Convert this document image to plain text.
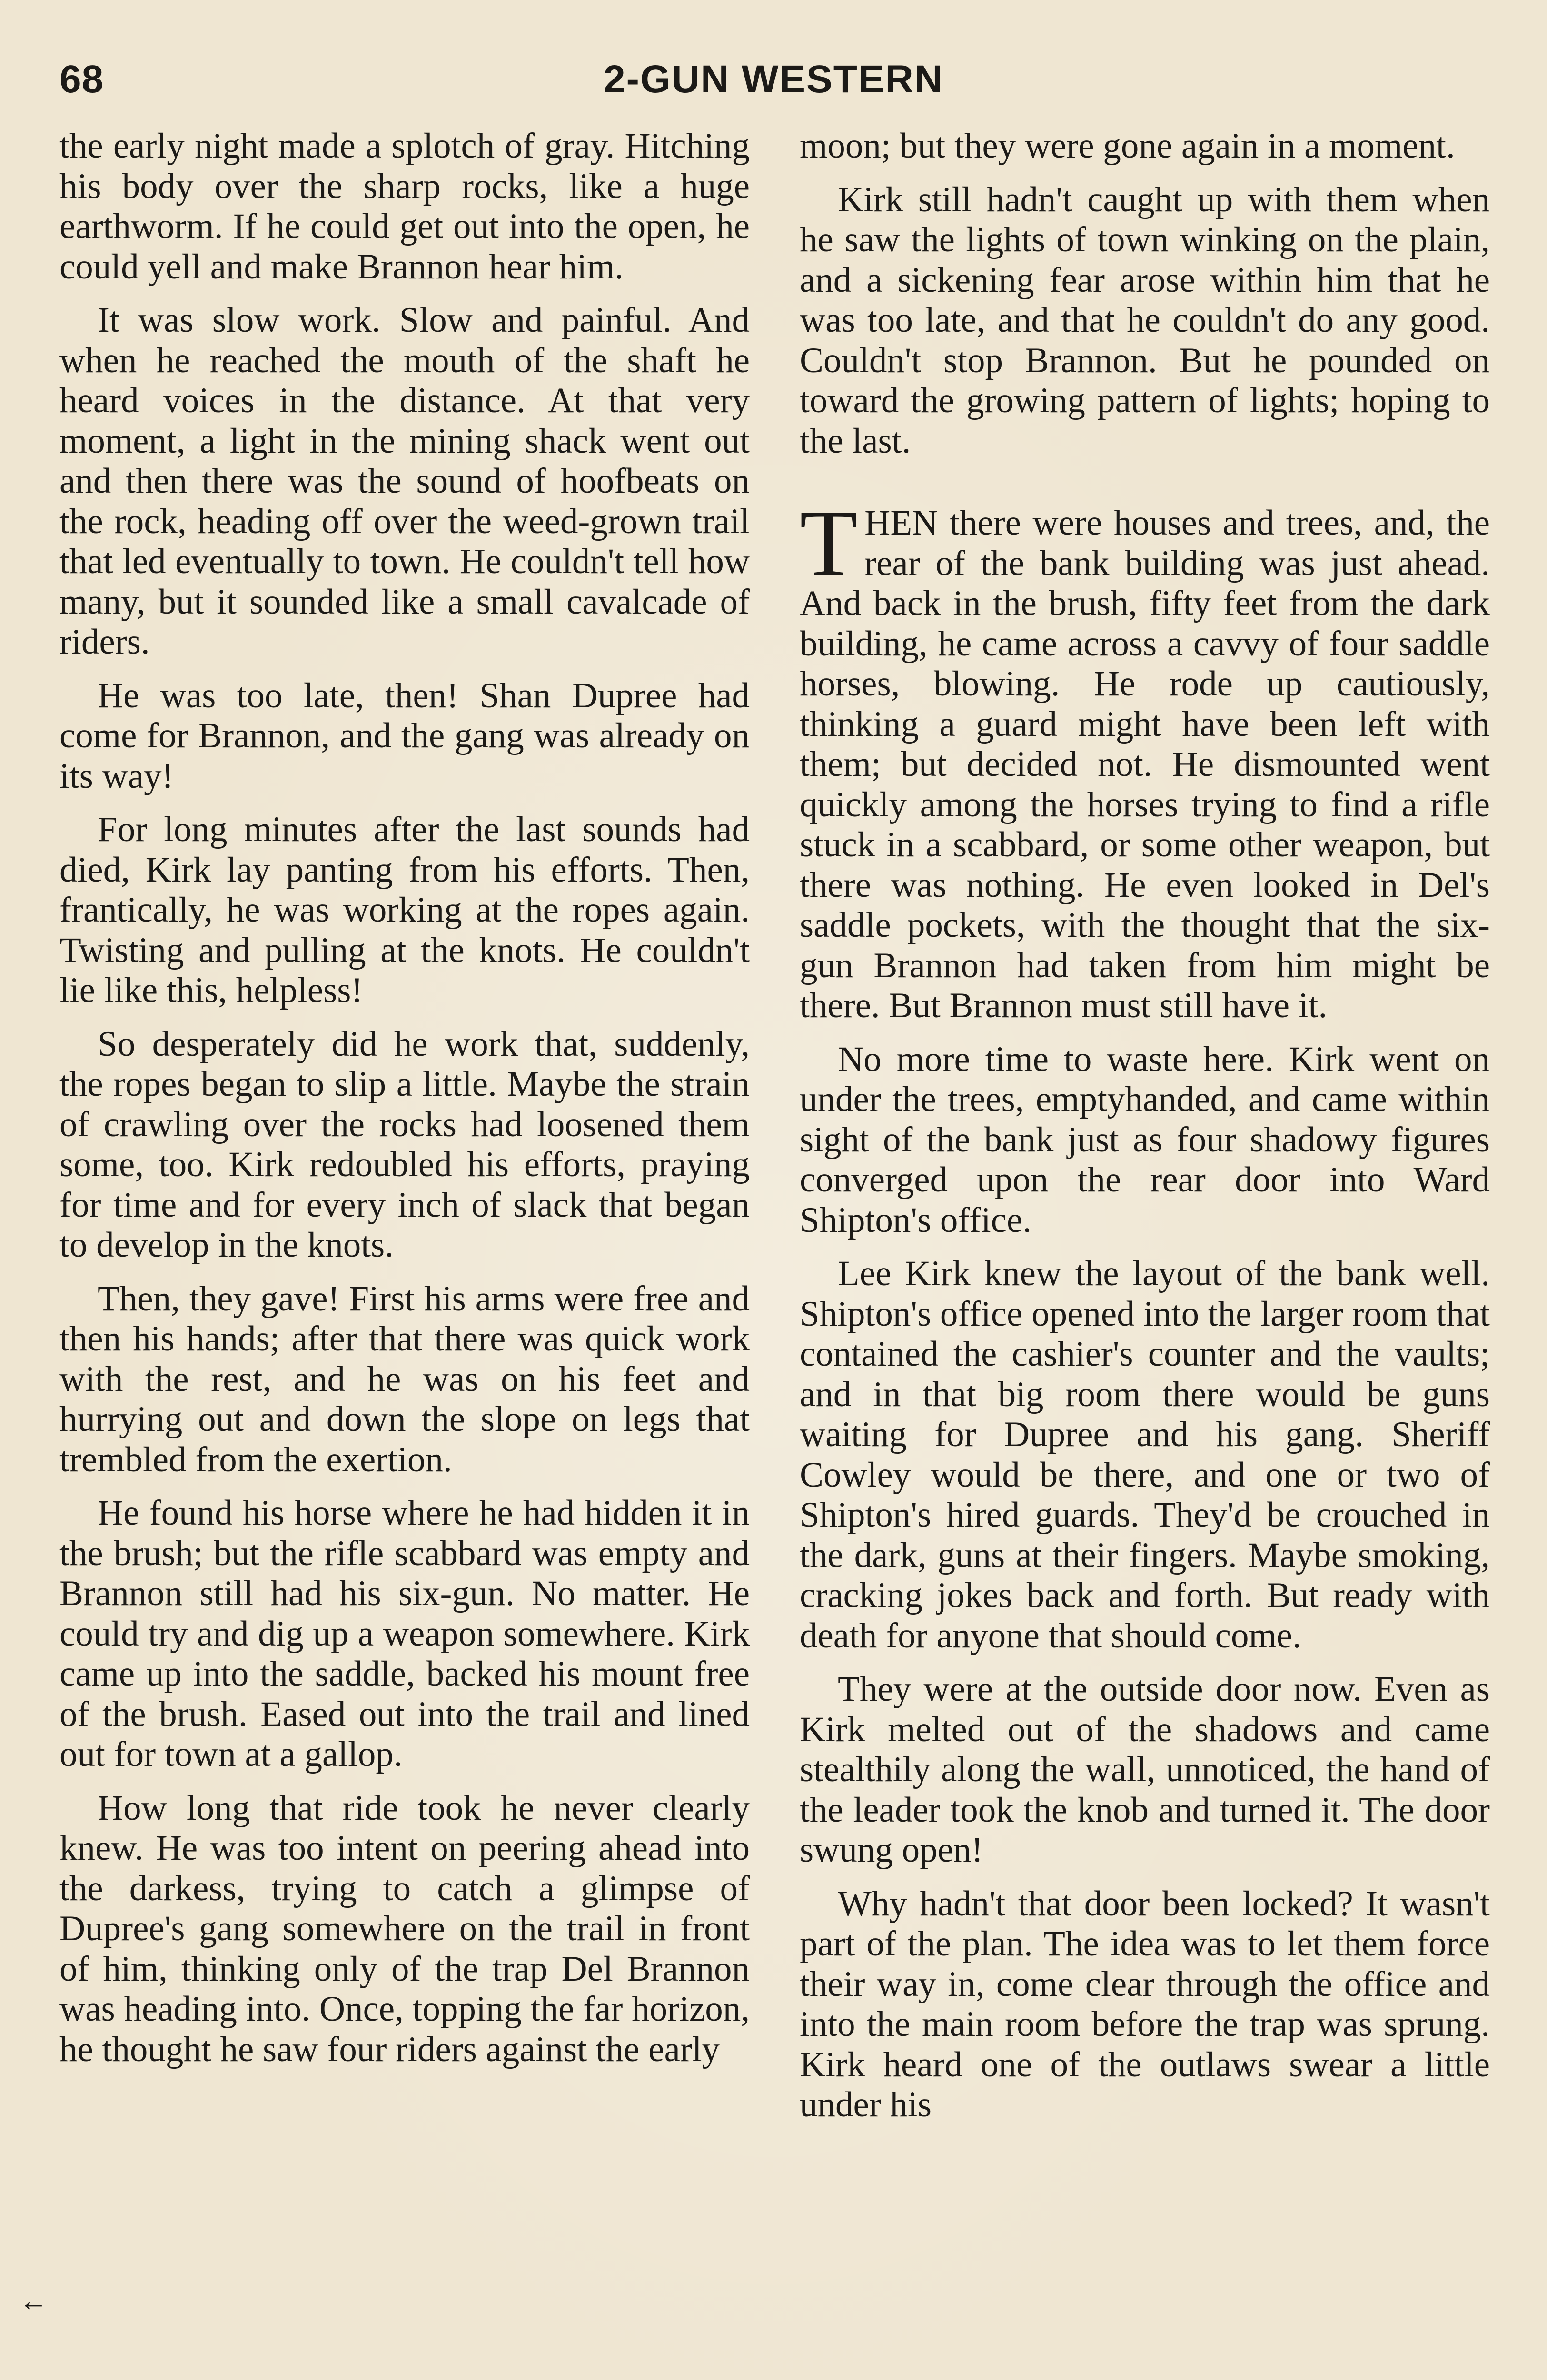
68	2-GUN WESTERN

the early night made a splotch of gray. Hitching his body over the sharp rocks, like a huge earthworm. If he could get out into the open, he could yell and make Brannon hear him.

It was slow work. Slow and painful. And when he reached the mouth of the shaft he heard voices in the distance. At that very moment, a light in the mining shack went out and then there was the sound of hoofbeats on the rock, heading off over the weed-grown trail that led eventually to town. He couldn't tell how many, but it sounded like a small cavalcade of riders.

He was too late, then! Shan Dupree had come for Brannon, and the gang was already on its way!

For long minutes after the last sounds had died, Kirk lay panting from his efforts. Then, frantically, he was working at the ropes again. Twisting and pulling at the knots. He couldn't lie like this, helpless!

So desperately did he work that, suddenly, the ropes began to slip a little. Maybe the strain of crawling over the rocks had loosened them some, too. Kirk redoubled his efforts, praying for time and for every inch of slack that began to develop in the knots.

Then, they gave! First his arms were free and then his hands; after that there was quick work with the rest, and he was on his feet and hurrying out and down the slope on legs that trembled from the exertion.

He found his horse where he had hidden it in the brush; but the rifle scabbard was empty and Brannon still had his six-gun. No matter. He could try and dig up a weapon somewhere. Kirk came up into the saddle, backed his mount free of the brush. Eased out into the trail and lined out for town at a gallop.

How long that ride took he never clearly knew. He was too intent on peering ahead into the darkess, trying to catch a glimpse of Dupree's gang somewhere on the trail in front of him, thinking only of the trap Del Brannon was heading into. Once, topping the far horizon, he thought he saw four riders against the early

moon; but they were gone again in a moment.

Kirk still hadn't caught up with them when he saw the lights of town winking on the plain, and a sickening fear arose within him that he was too late, and that he couldn't do any good. Couldn't stop Brannon. But he pounded on toward the growing pattern of lights; hoping to the last.

THEN there were houses and trees, and, the rear of the bank building was just ahead. And back in the brush, fifty feet from the dark building, he came across a cavvy of four saddle horses, blowing. He rode up cautiously, thinking a guard might have been left with them; but decided not. He dismounted went quickly among the horses trying to find a rifle stuck in a scabbard, or some other weapon, but there was nothing. He even looked in Del's saddle pockets, with the thought that the six-gun Brannon had taken from him might be there. But Brannon must still have it.

No more time to waste here. Kirk went on under the trees, emptyhanded, and came within sight of the bank just as four shadowy figures converged upon the rear door into Ward Shipton's office.

Lee Kirk knew the layout of the bank well. Shipton's office opened into the larger room that contained the cashier's counter and the vaults; and in that big room there would be guns waiting for Dupree and his gang. Sheriff Cowley would be there, and one or two of Shipton's hired guards. They'd be crouched in the dark, guns at their fingers. Maybe smoking, cracking jokes back and forth. But ready with death for anyone that should come.

They were at the outside door now. Even as Kirk melted out of the shadows and came stealthily along the wall, unnoticed, the hand of the leader took the knob and turned it. The door swung open!

Why hadn't that door been locked? It wasn't part of the plan. The idea was to let them force their way in, come clear through the office and into the main room before the trap was sprung. Kirk heard one of the outlaws swear a little under his

←
